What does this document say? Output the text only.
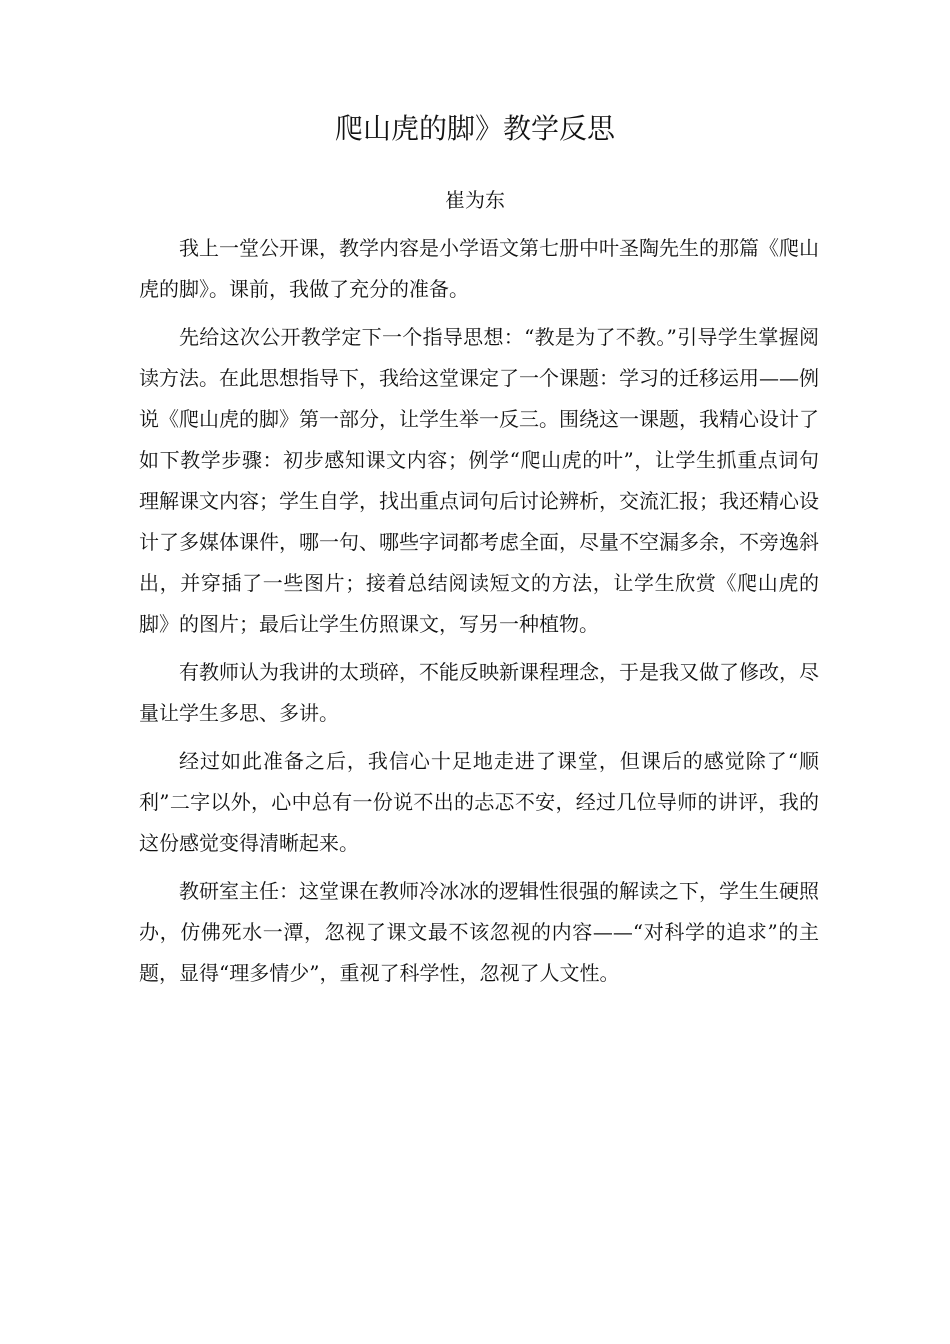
爬山虎的脚》教学反思

崔为东

我上一堂公开课，教学内容是小学语文第七册中叶圣陶先生的那篇《爬山虎的脚》。课前，我做了充分的准备。

先给这次公开教学定下一个指导思想：“教是为了不教。”引导学生掌握阅读方法。在此思想指导下，我给这堂课定了一个课题：学习的迁移运用——例说《爬山虎的脚》第一部分，让学生举一反三。围绕这一课题，我精心设计了如下教学步骤：初步感知课文内容；例学“爬山虎的叶”，让学生抓重点词句理解课文内容；学生自学，找出重点词句后讨论辨析，交流汇报；我还精心设计了多媒体课件，哪一句、哪些字词都考虑全面，尽量不空漏多余，不旁逸斜出，并穿插了一些图片；接着总结阅读短文的方法，让学生欣赏《爬山虎的脚》的图片；最后让学生仿照课文，写另一种植物。

有教师认为我讲的太琐碎，不能反映新课程理念，于是我又做了修改，尽量让学生多思、多讲。

经过如此准备之后，我信心十足地走进了课堂，但课后的感觉除了“顺利”二字以外，心中总有一份说不出的忐忑不安，经过几位导师的讲评，我的这份感觉变得清晰起来。

教研室主任：这堂课在教师冷冰冰的逻辑性很强的解读之下，学生生硬照办，仿佛死水一潭，忽视了课文最不该忽视的内容——“对科学的追求”的主题，显得“理多情少”，重视了科学性，忽视了人文性。
